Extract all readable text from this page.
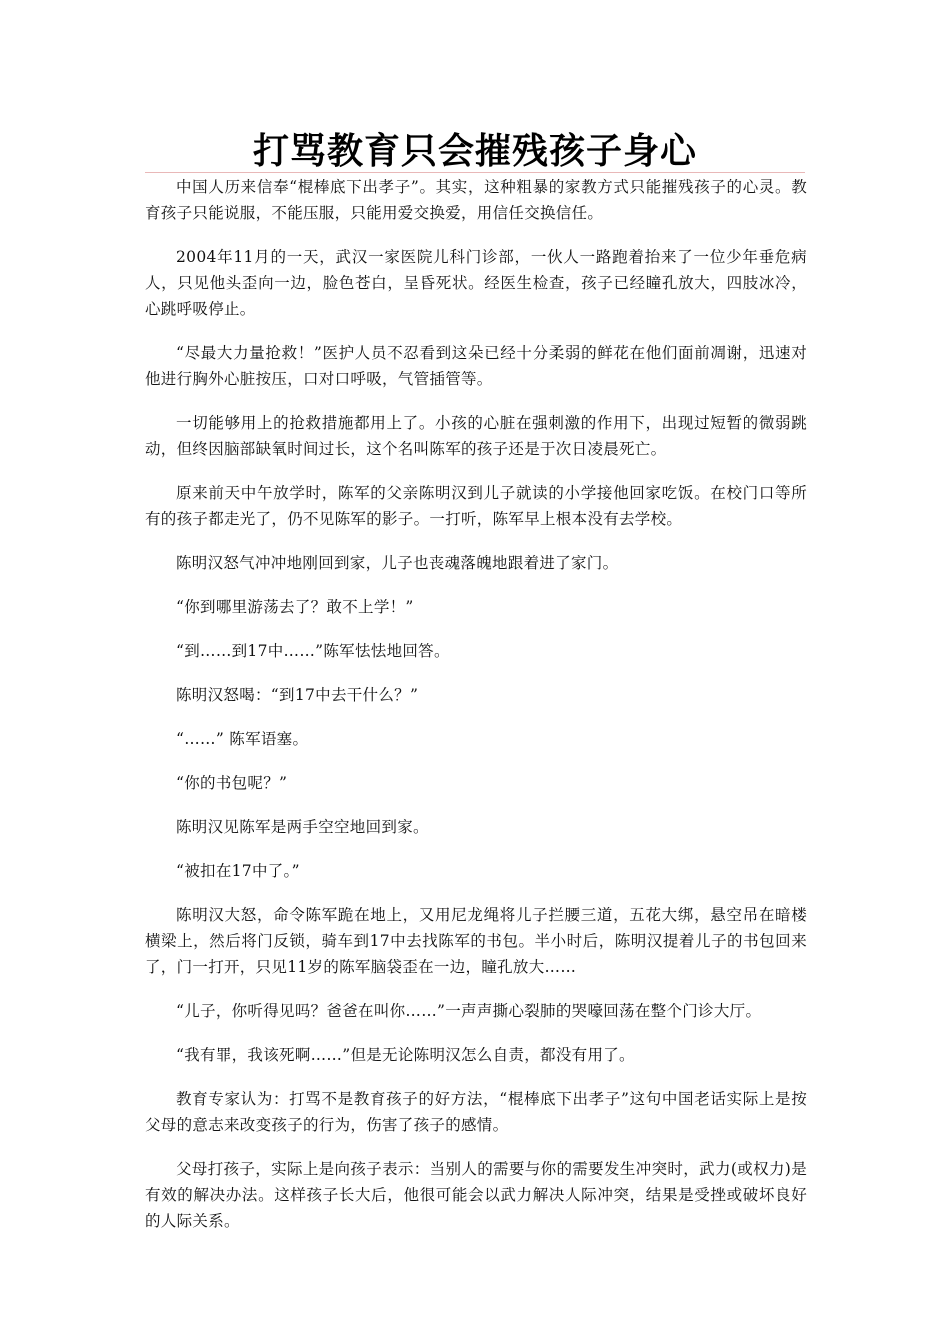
打骂教育只会摧残孩子身心

中国人历来信奉“棍棒底下出孝子”。其实，这种粗暴的家教方式只能摧残孩子的心灵。教育孩子只能说服，不能压服，只能用爱交换爱，用信任交换信任。

2004年11月的一天，武汉一家医院儿科门诊部，一伙人一路跑着抬来了一位少年垂危病人，只见他头歪向一边，脸色苍白，呈昏死状。经医生检查，孩子已经瞳孔放大，四肢冰冷，心跳呼吸停止。

“尽最大力量抢救！”医护人员不忍看到这朵已经十分柔弱的鲜花在他们面前凋谢，迅速对他进行胸外心脏按压，口对口呼吸，气管插管等。

一切能够用上的抢救措施都用上了。小孩的心脏在强刺激的作用下，出现过短暂的微弱跳动，但终因脑部缺氧时间过长，这个名叫陈军的孩子还是于次日凌晨死亡。

原来前天中午放学时，陈军的父亲陈明汉到儿子就读的小学接他回家吃饭。在校门口等所有的孩子都走光了，仍不见陈军的影子。一打听，陈军早上根本没有去学校。

陈明汉怒气冲冲地刚回到家，儿子也丧魂落魄地跟着进了家门。

“你到哪里游荡去了？敢不上学！”

“到……到17中……”陈军怯怯地回答。

陈明汉怒喝：“到17中去干什么？”

“……” 陈军语塞。

“你的书包呢？”

陈明汉见陈军是两手空空地回到家。

“被扣在17中了。”

陈明汉大怒，命令陈军跪在地上，又用尼龙绳将儿子拦腰三道，五花大绑，悬空吊在暗楼横梁上，然后将门反锁，骑车到17中去找陈军的书包。半小时后，陈明汉提着儿子的书包回来了，门一打开，只见11岁的陈军脑袋歪在一边，瞳孔放大……

“儿子，你听得见吗？爸爸在叫你……”一声声撕心裂肺的哭嚎回荡在整个门诊大厅。

“我有罪，我该死啊……”但是无论陈明汉怎么自责，都没有用了。

教育专家认为：打骂不是教育孩子的好方法，“棍棒底下出孝子”这句中国老话实际上是按父母的意志来改变孩子的行为，伤害了孩子的感情。

父母打孩子，实际上是向孩子表示：当别人的需要与你的需要发生冲突时，武力(或权力)是有效的解决办法。这样孩子长大后，他很可能会以武力解决人际冲突，结果是受挫或破坏良好的人际关系。
